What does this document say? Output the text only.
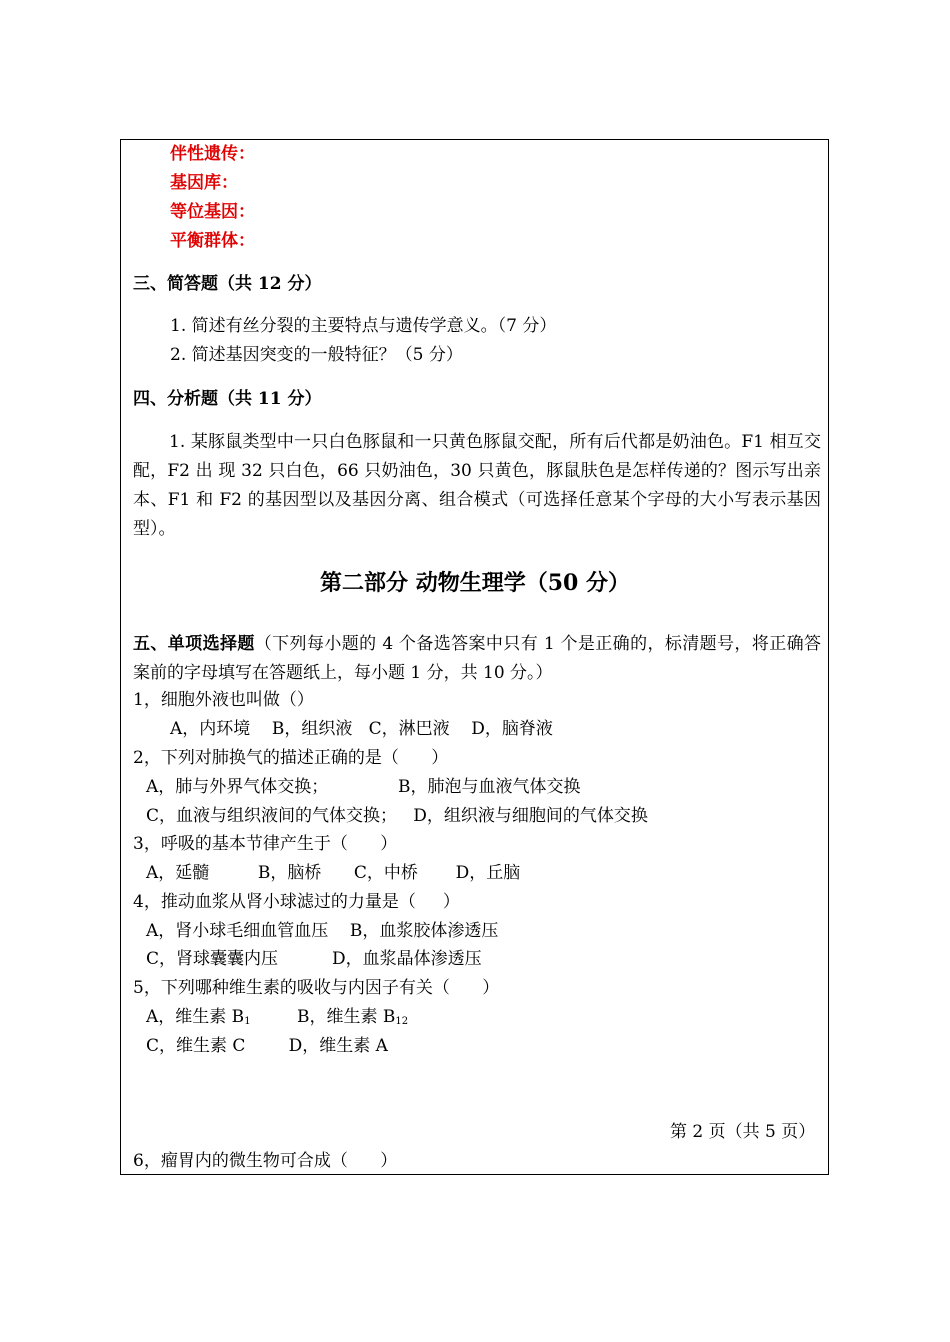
伴性遗传：
基因库：
等位基因：
平衡群体：
三、简答题（共 12 分）
1. 简述有丝分裂的主要特点与遗传学意义。（7 分）
2. 简述基因突变的一般特征？（5 分）
四、分析题（共 11 分）
1. 某豚鼠类型中一只白色豚鼠和一只黄色豚鼠交配，所有后代都是奶油色。F1 相互交配，F2 出 现 32 只白色，66 只奶油色，30 只黄色，豚鼠肤色是怎样传递的？图示写出亲本、F1 和 F2 的基因型以及基因分离、组合模式（可选择任意某个字母的大小写表示基因型）。
第二部分 动物生理学（50 分）
五、单项选择题（下列每小题的 4 个备选答案中只有 1 个是正确的，标清题号，将正确答案前的字母填写在答题纸上，每小题 1 分，共 10 分。）
1，细胞外液也叫做（）
A，内环境    B，组织液   C，淋巴液    D，脑脊液
2，下列对肺换气的描述正确的是（      ）
A，肺与外界气体交换；	B，肺泡与血液气体交换
C，血液与组织液间的气体交换；   D，组织液与细胞间的气体交换
3，呼吸的基本节律产生于（      ）
A，延髓         B，脑桥      C，中桥       D，丘脑
4，推动血浆从肾小球滤过的力量是（     ）
A，肾小球毛细血管血压    B，血浆胶体渗透压
C，肾球囊囊内压          D，血浆晶体渗透压
5，下列哪种维生素的吸收与内因子有关（      ）
A，维生素 $B_1$	B，维生素 $B_{12}$
C，维生素 C        D，维生素 A
第 2 页（共 5 页）
6，瘤胃内的微生物可合成（      ）
